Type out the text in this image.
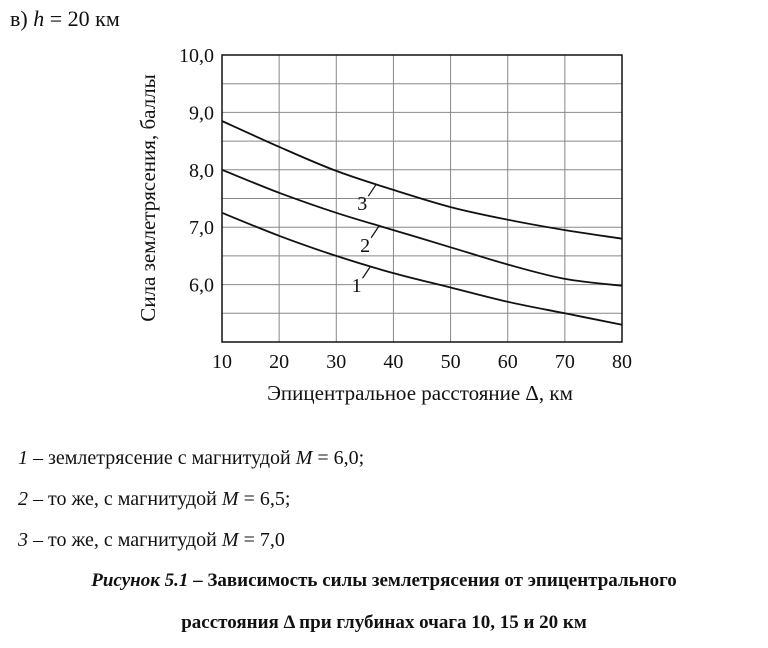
в) h = 20 км
10 20 30 40 50 60 70 80
6,0
7,0
8,0
9,0
10,0
1
2
3
Эпицентральное расстояние Δ, км
Сила землетрясения, баллы
1 – землетрясение с магнитудой M = 6,0;
2 – то же, с магнитудой M = 6,5;
3 – то же, с магнитудой M = 7,0
Рисунок 5.1 – Зависимость силы землетрясения от эпицентрального
расстояния Δ при глубинах очага 10, 15 и 20 км
